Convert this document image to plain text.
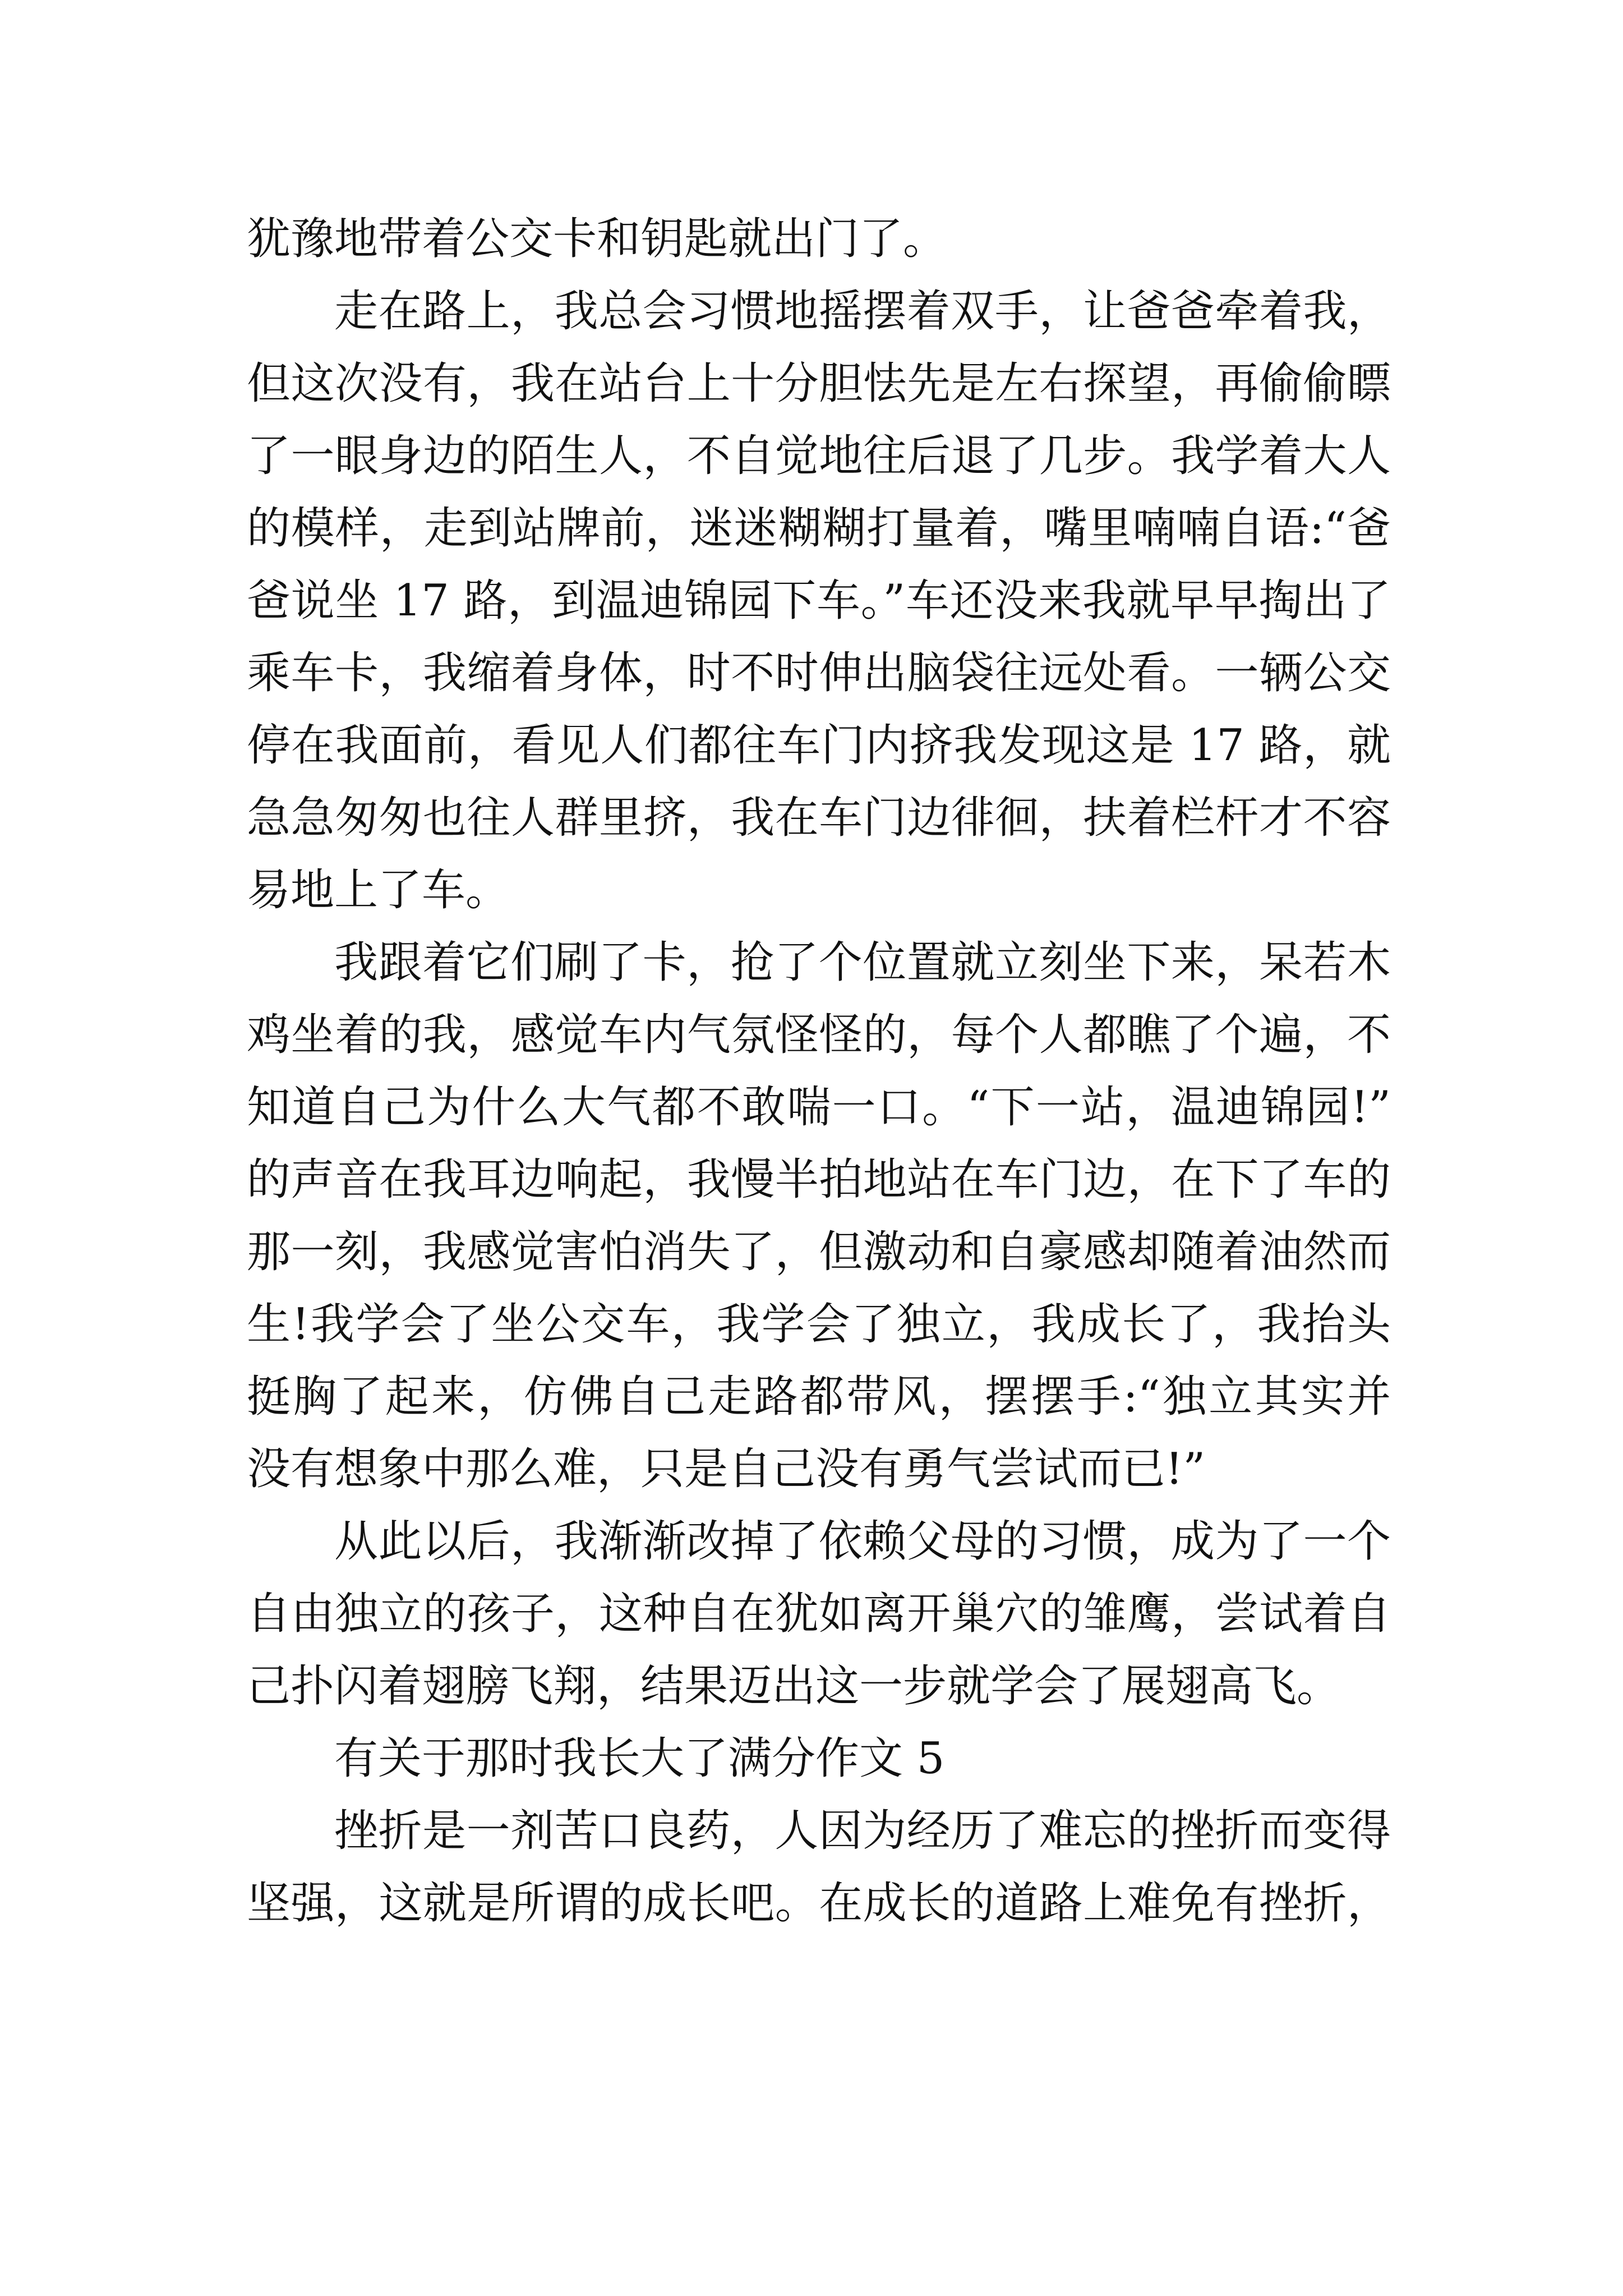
犹豫地带着公交卡和钥匙就出门了。
走在路上，我总会习惯地摇摆着双手，让爸爸牵着我，
但这次没有，我在站台上十分胆怯先是左右探望，再偷偷瞟
了一眼身边的陌生人，不自觉地往后退了几步。我学着大人
的模样，走到站牌前，迷迷糊糊打量着，嘴里喃喃自语:“爸
爸说坐 17 路，到温迪锦园下车。”车还没来我就早早掏出了
乘车卡，我缩着身体，时不时伸出脑袋往远处看。一辆公交
停在我面前，看见人们都往车门内挤我发现这是 17 路，就
急急匆匆也往人群里挤，我在车门边徘徊，扶着栏杆才不容
易地上了车。
我跟着它们刷了卡，抢了个位置就立刻坐下来，呆若木
鸡坐着的我，感觉车内气氛怪怪的，每个人都瞧了个遍，不
知道自己为什么大气都不敢喘一口。“下一站，温迪锦园!”
的声音在我耳边响起，我慢半拍地站在车门边，在下了车的
那一刻，我感觉害怕消失了，但激动和自豪感却随着油然而
生!我学会了坐公交车，我学会了独立，我成长了，我抬头
挺胸了起来，仿佛自己走路都带风，摆摆手:“独立其实并
没有想象中那么难，只是自己没有勇气尝试而已!”
从此以后，我渐渐改掉了依赖父母的习惯，成为了一个
自由独立的孩子，这种自在犹如离开巢穴的雏鹰，尝试着自
己扑闪着翅膀飞翔，结果迈出这一步就学会了展翅高飞。
有关于那时我长大了满分作文 5
挫折是一剂苦口良药，人因为经历了难忘的挫折而变得
坚强，这就是所谓的成长吧。在成长的道路上难免有挫折，
